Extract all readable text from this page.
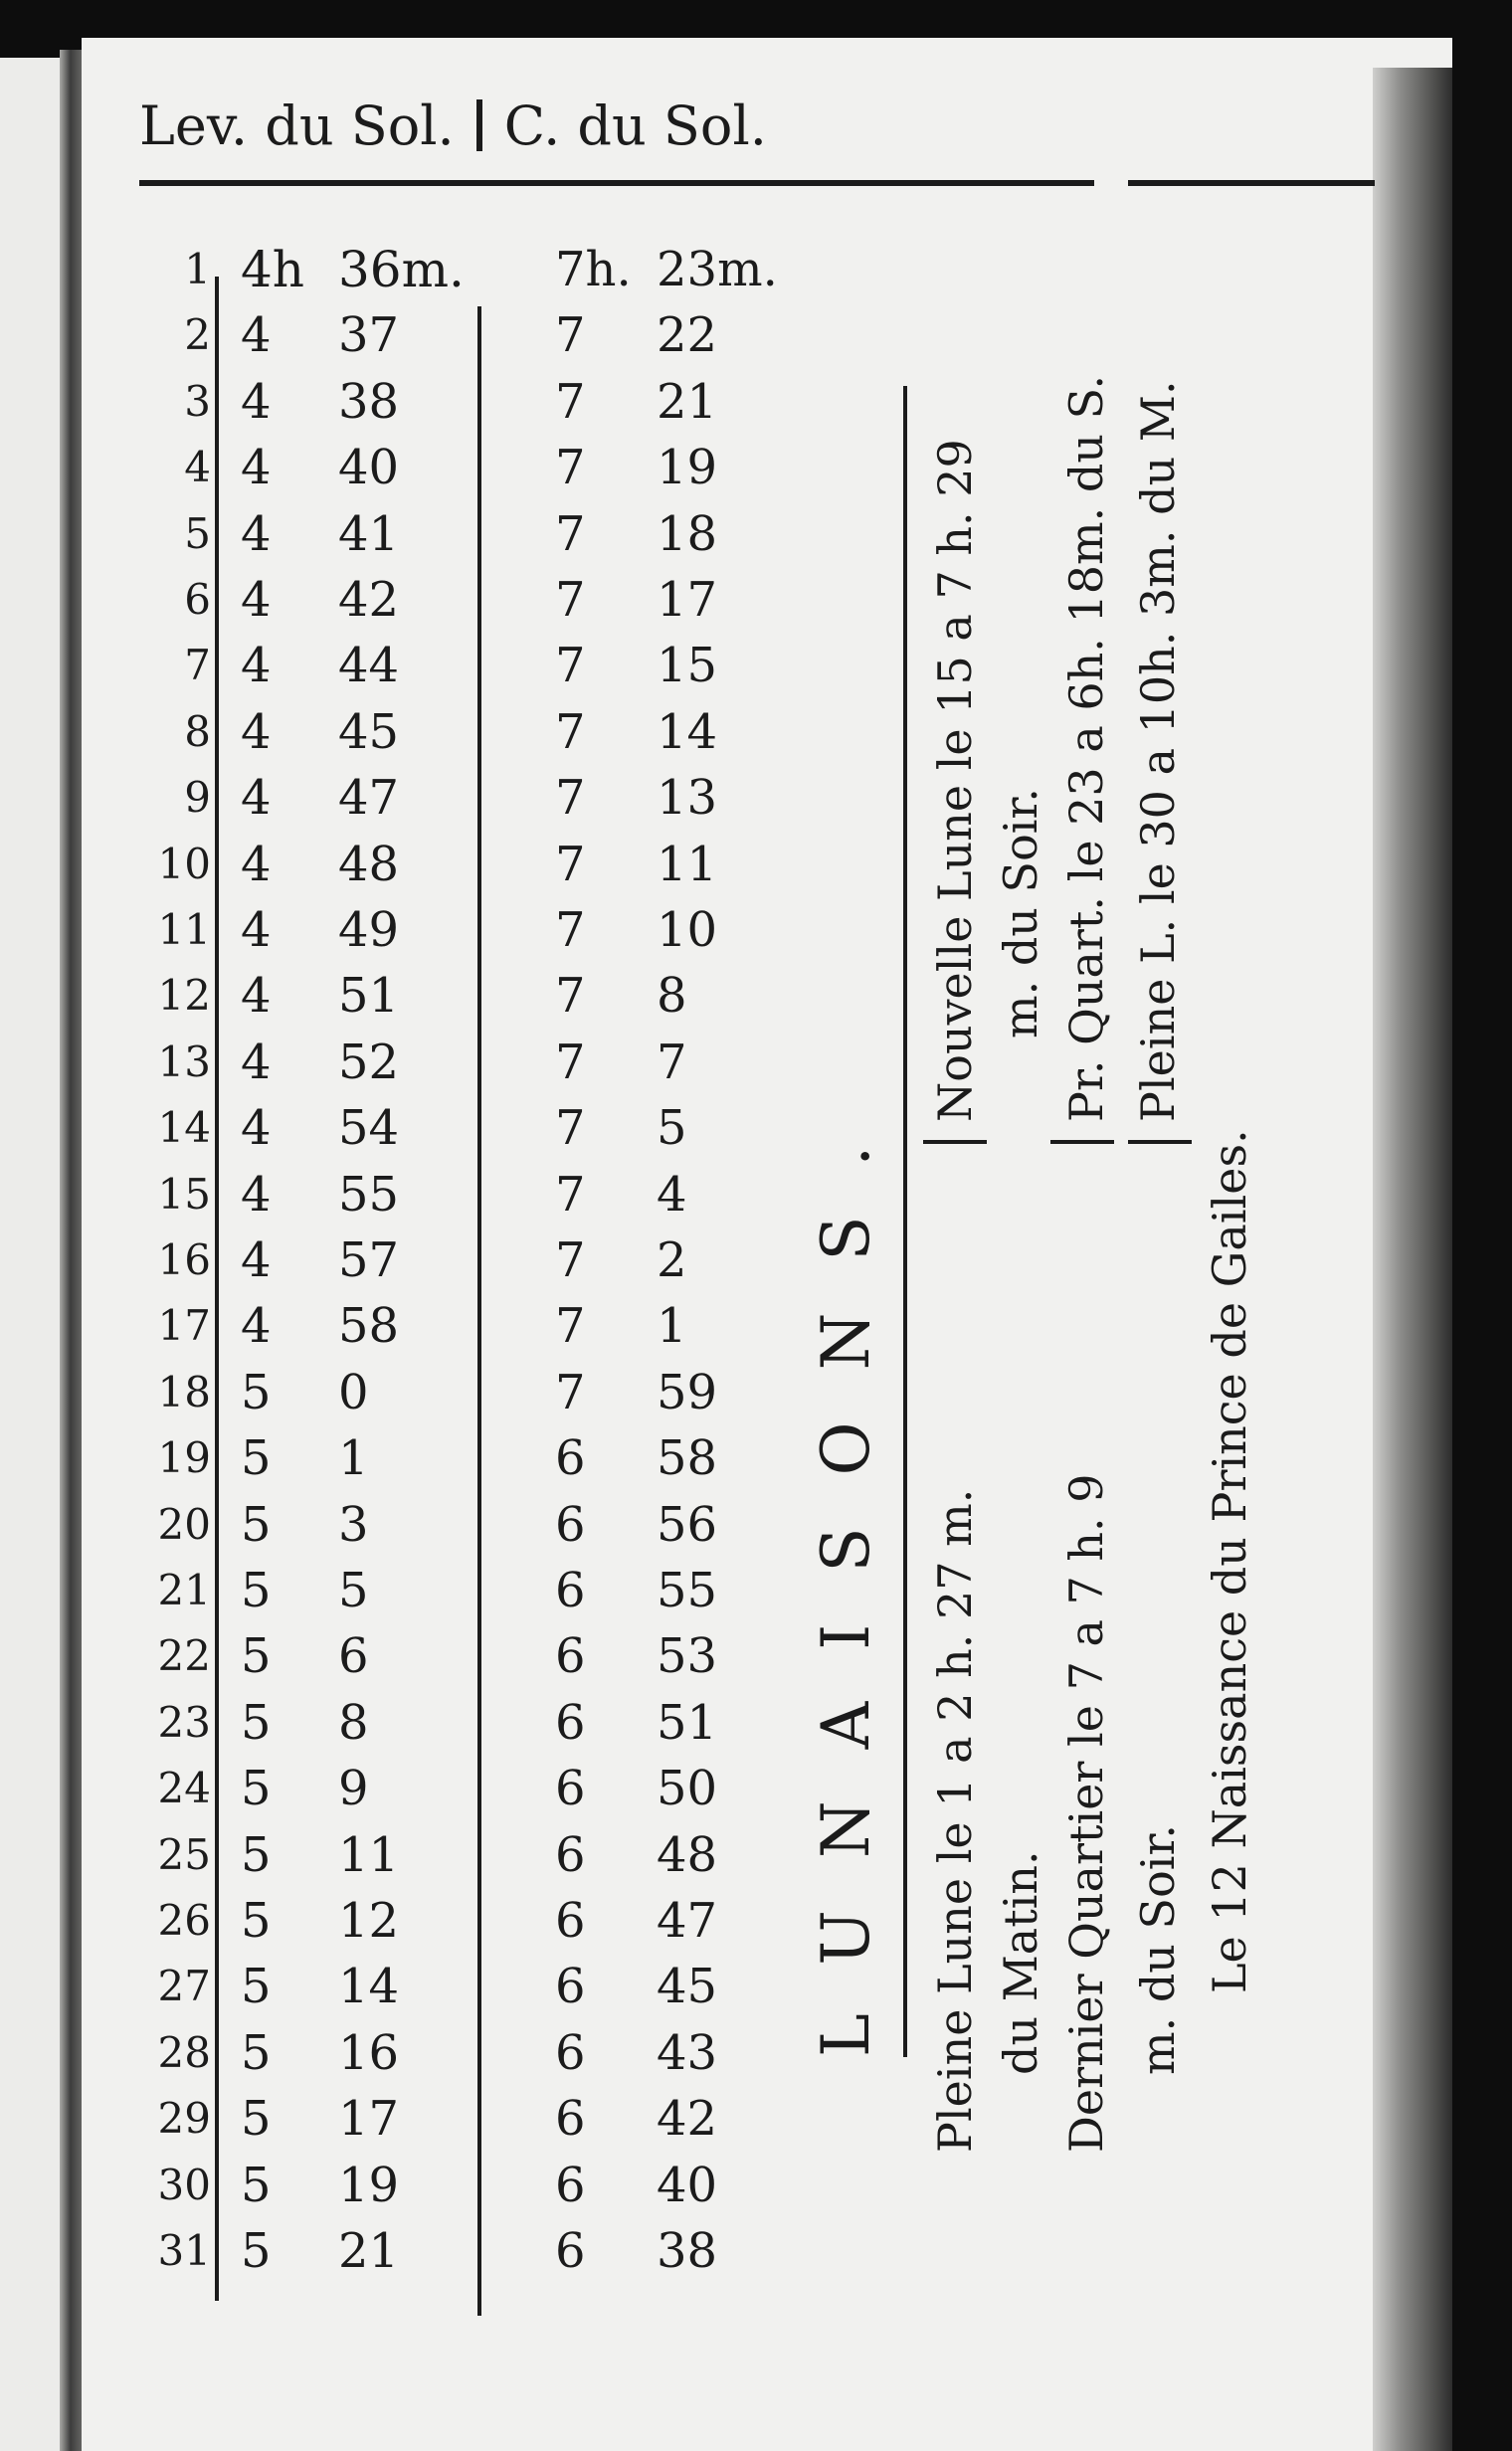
Lev. du Sol. C. du Sol.
1 4h 36m. 7h. 23m.
2 4	37	7	22
3 4	38	7	21
4 4	40	7	19
5 4	41	7	18
6 4	42	7	17
7 4	44	7	15
8 4	45	7	14
9 4	47	7	13
10 4	48	7	11
11 4	49	7	10
12 4	51	7	8
13 4	52	7	7
14 4	54	7	5
15 4	55	7	4
16 4	57	7	2
17 4	58	7	1
18 5	0	7	59
19 5	1	6	58
20 5	3	6	56
21 5	5	6	55
22 5	6	6	53
23 5	8	6	51
24 5	9	6	50
25 5	11	6	48
26 5	12	6	47
27 5	14	6	45
28 5	16	6	43
29 5	17	6	42
30 5	19	6	40
31 5	21	6	38
LUNAISONS. Pleine Lune le 1 a 2 h. 27 m.
Nouvelle Lune le 15 a 7 h. 29
du Matin.
m. du Soir.
Dernier Quartier le 7 a 7 h. 9
Pr. Quart. le 23 a 6h. 18m. du S.
m. du Soir.
Pleine L. le 30 a 10h. 3m. du M.
Le 12 Naissance du Prince de Gailes.
